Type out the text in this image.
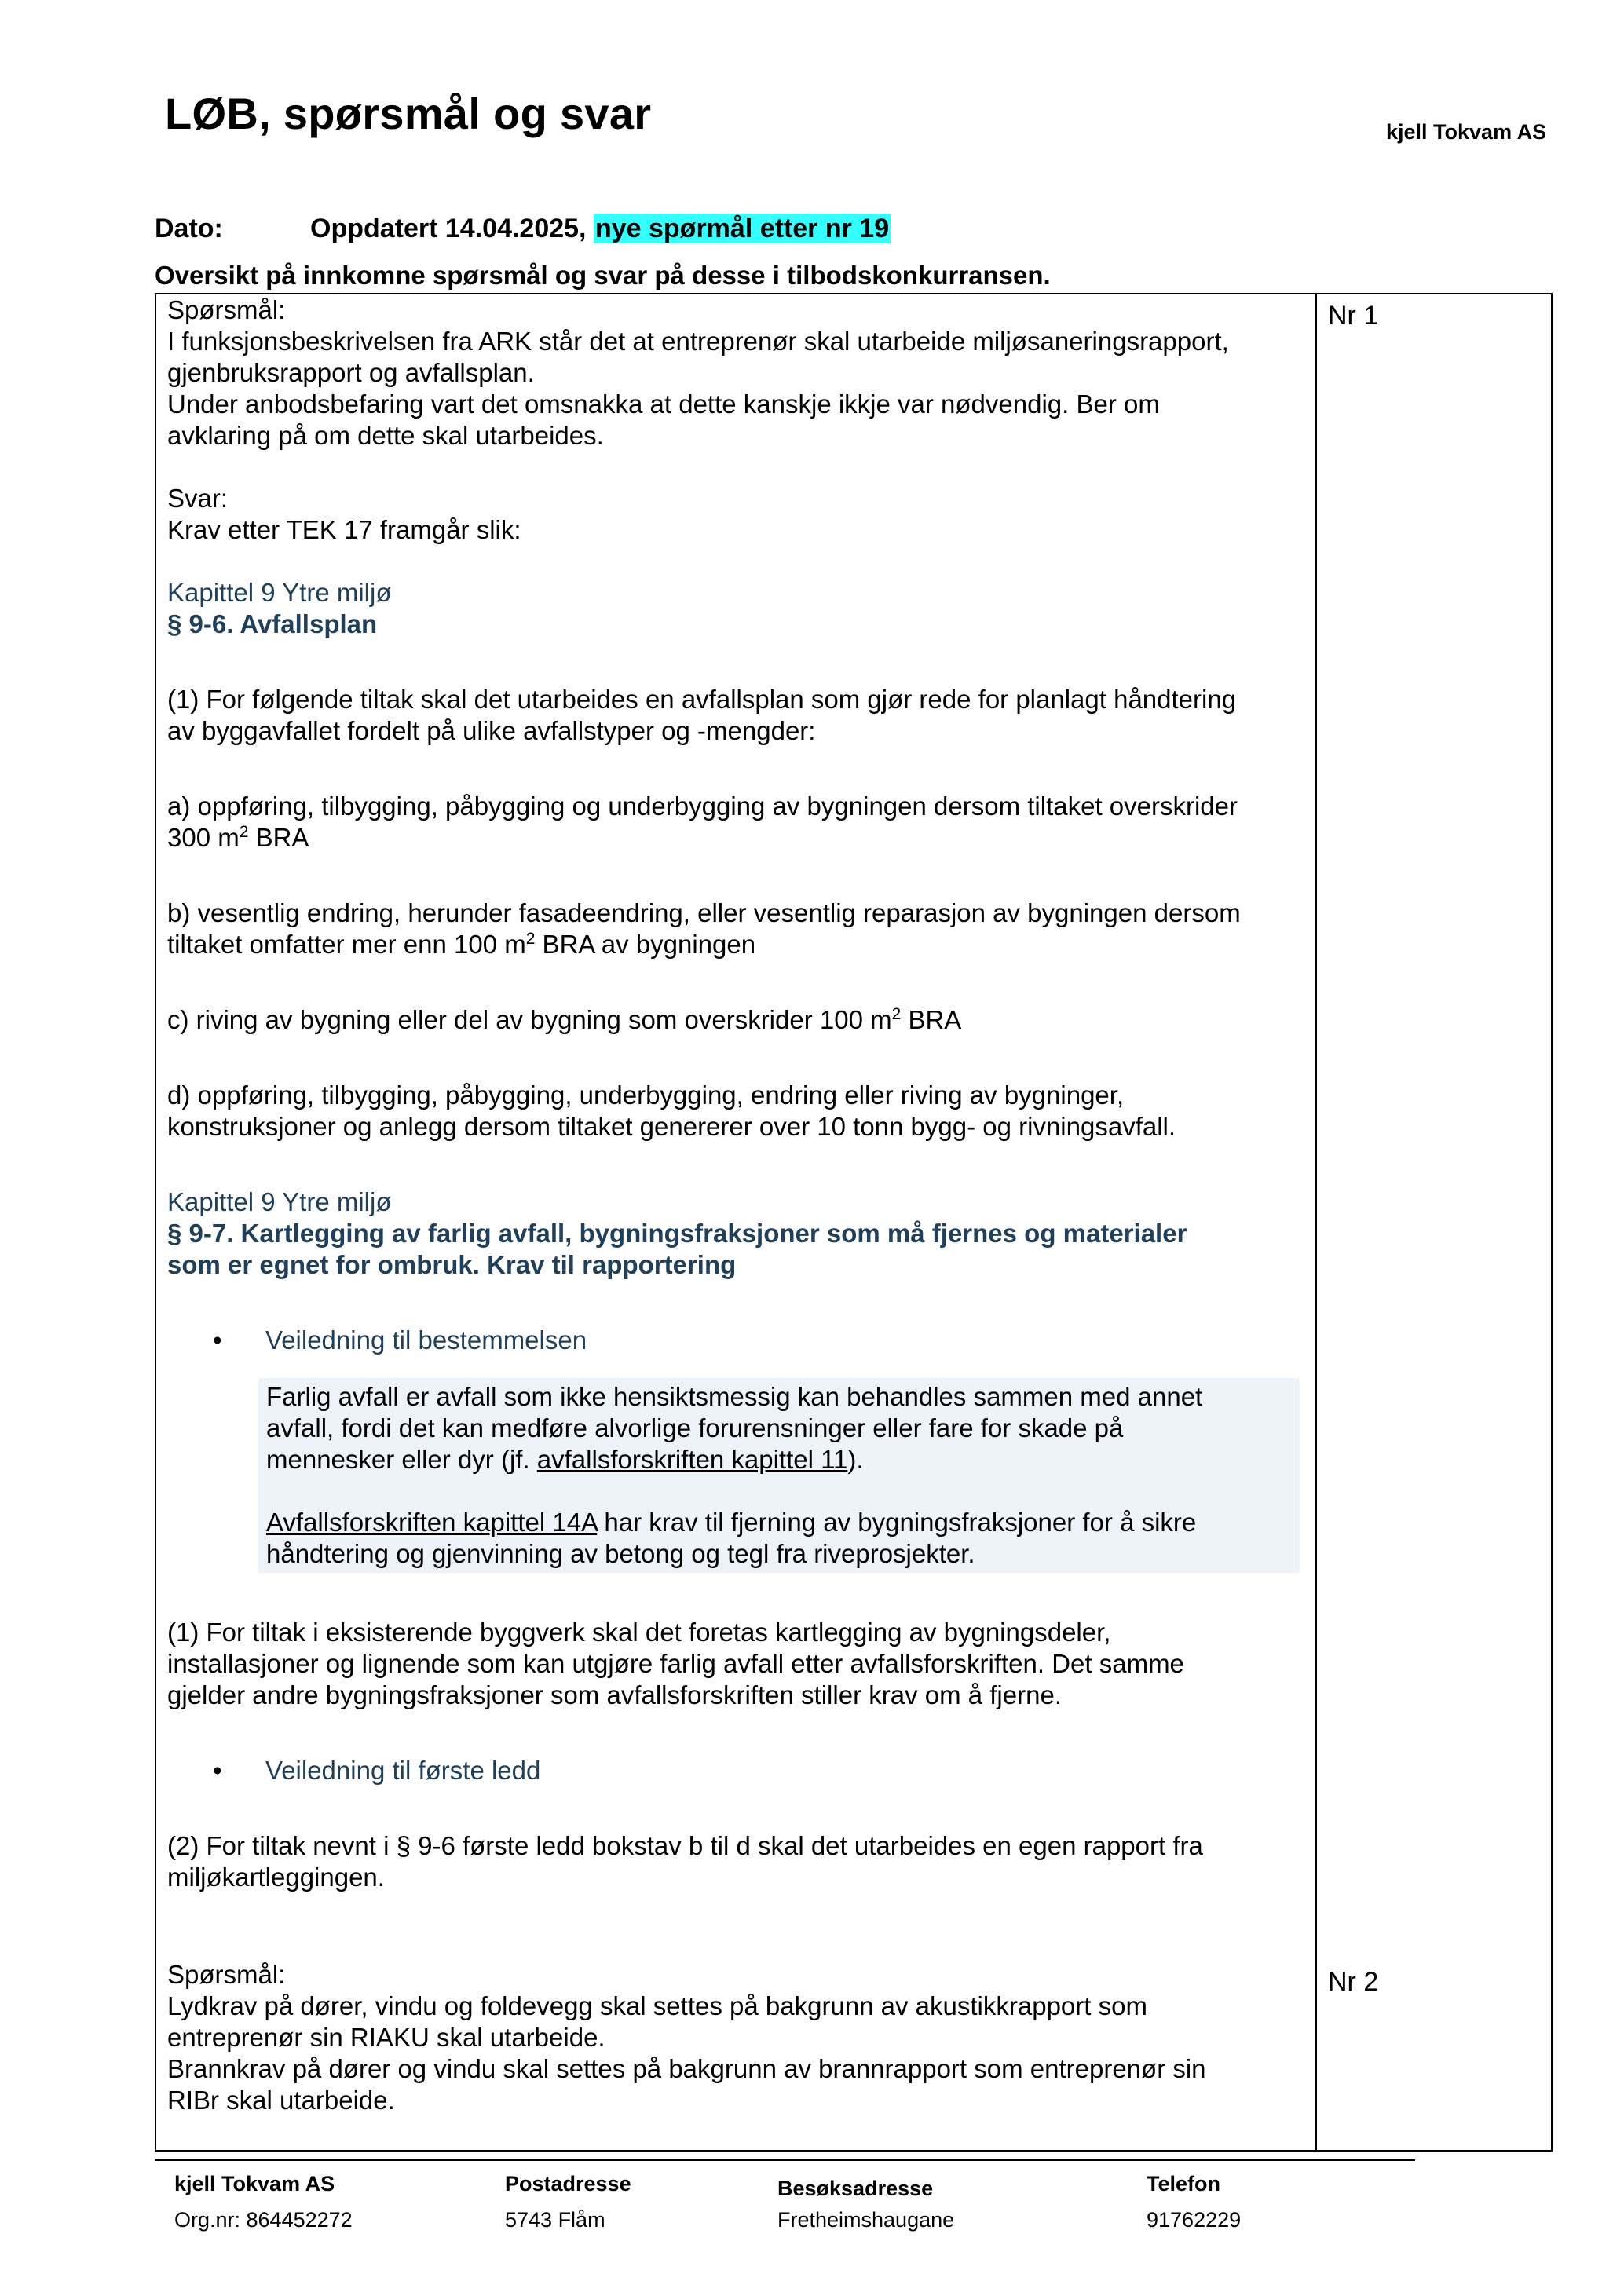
LØB, spørsmål og svar	kjell Tokvam AS
Dato:	Oppdatert 14.04.2025, nye spørmål etter nr 19
Oversikt på innkomne spørsmål og svar på desse i tilbodskonkurransen.
Nr 1
Nr 2

Spørsmål:

I funksjonsbeskrivelsen fra ARK står det at entreprenør skal utarbeide miljøsaneringsrapport,

gjenbruksrapport og avfallsplan.

Under anbodsbefaring vart det omsnakka at dette kanskje ikkje var nødvendig. Ber om

avklaring på om dette skal utarbeides.

Svar:

Krav etter TEK 17 framgår slik:

Kapittel 9 Ytre miljø

§ 9-6. Avfallsplan

(1) For følgende tiltak skal det utarbeides en avfallsplan som gjør rede for planlagt håndtering

av byggavfallet fordelt på ulike avfallstyper og -mengder:

a) oppføring, tilbygging, påbygging og underbygging av bygningen dersom tiltaket overskrider

300 $m^2$ BRA

b) vesentlig endring, herunder fasadeendring, eller vesentlig reparasjon av bygningen dersom

tiltaket omfatter mer enn 100 $m^2$ BRA av bygningen

c) riving av bygning eller del av bygning som overskrider 100 $m^2$ BRA

d) oppføring, tilbygging, påbygging, underbygging, endring eller riving av bygninger,

konstruksjoner og anlegg dersom tiltaket genererer over 10 tonn bygg- og rivningsavfall.

Kapittel 9 Ytre miljø

§ 9-7. Kartlegging av farlig avfall, bygningsfraksjoner som må fjernes og materialer

som er egnet for ombruk. Krav til rapportering

• Veiledning til bestemmelsen

Farlig avfall er avfall som ikke hensiktsmessig kan behandles sammen med annet

avfall, fordi det kan medføre alvorlige forurensninger eller fare for skade på

mennesker eller dyr (jf. avfallsforskriften kapittel 11).

Avfallsforskriften kapittel 14A har krav til fjerning av bygningsfraksjoner for å sikre

håndtering og gjenvinning av betong og tegl fra riveprosjekter.

(1) For tiltak i eksisterende byggverk skal det foretas kartlegging av bygningsdeler,

installasjoner og lignende som kan utgjøre farlig avfall etter avfallsforskriften. Det samme

gjelder andre bygningsfraksjoner som avfallsforskriften stiller krav om å fjerne.

• Veiledning til første ledd

(2) For tiltak nevnt i § 9-6 første ledd bokstav b til d skal det utarbeides en egen rapport fra

miljøkartleggingen.

Spørsmål:

Lydkrav på dører, vindu og foldevegg skal settes på bakgrunn av akustikkrapport som

entreprenør sin RIAKU skal utarbeide.

Brannkrav på dører og vindu skal settes på bakgrunn av brannrapport som entreprenør sin

RIBr skal utarbeide.

kjell Tokvam AS
Org.nr: 864452272
Postadresse
5743 Flåm
Besøksadresse
Fretheimshaugane
Telefon
91762229
